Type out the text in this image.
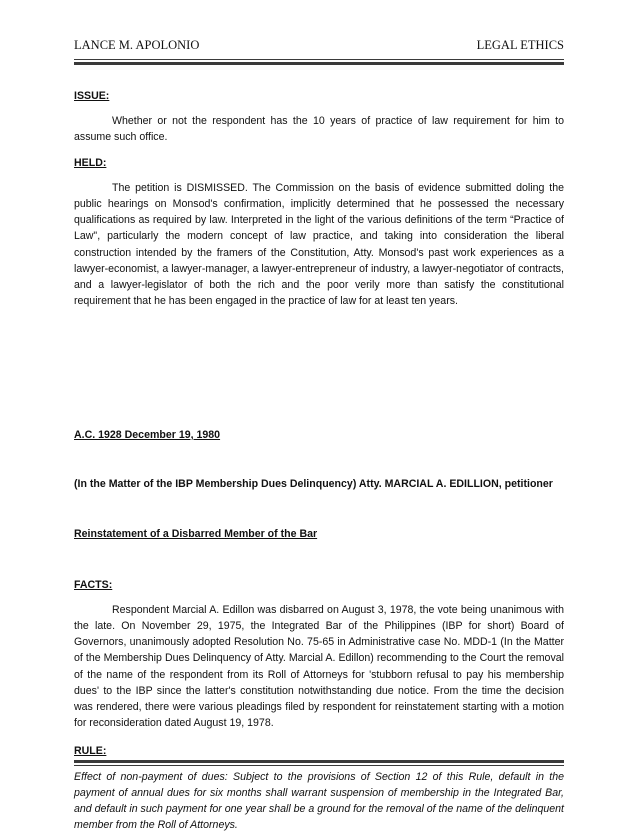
LANCE M. APOLONIO	LEGAL ETHICS

ISSUE:

Whether or not the respondent has the 10 years of practice of law requirement for him to assume such office.

HELD:

The petition is DISMISSED. The Commission on the basis of evidence submitted doling the public hearings on Monsod's confirmation, implicitly determined that he possessed the necessary qualifications as required by law. Interpreted in the light of the various definitions of the term “Practice of Law", particularly the modern concept of law practice, and taking into consideration the liberal construction intended by the framers of the Constitution, Atty. Monsod's past work experiences as a lawyer-economist, a lawyer-manager, a lawyer-entrepreneur of industry, a lawyer-negotiator of contracts, and a lawyer-legislator of both the rich and the poor verily more than satisfy the constitutional requirement that he has been engaged in the practice of law for at least ten years.

A.C. 1928 December 19, 1980

(In the Matter of the IBP Membership Dues Delinquency) Atty. MARCIAL A. EDILLION, petitioner

Reinstatement of a Disbarred Member of the Bar

FACTS:

Respondent Marcial A. Edillon was disbarred on August 3, 1978, the vote being unanimous with the late. On November 29, 1975, the Integrated Bar of the Philippines (IBP for short) Board of Governors, unanimously adopted Resolution No. 75-65 in Administrative case No. MDD-1 (In the Matter of the Membership Dues Delinquency of Atty. Marcial A. Edillon) recommending to the Court the removal of the name of the respondent from its Roll of Attorneys for 'stubborn refusal to pay his membership dues' to the IBP since the latter's constitution notwithstanding due notice. From the time the decision was rendered, there were various pleadings filed by respondent for reinstatement starting with a motion for reconsideration dated August 19, 1978.

RULE:

Effect of non-payment of dues: Subject to the provisions of Section 12 of this Rule, default in the payment of annual dues for six months shall warrant suspension of membership in the Integrated Bar, and default in such payment for one year shall be a ground for the removal of the name of the delinquent member from the Roll of Attorneys.
